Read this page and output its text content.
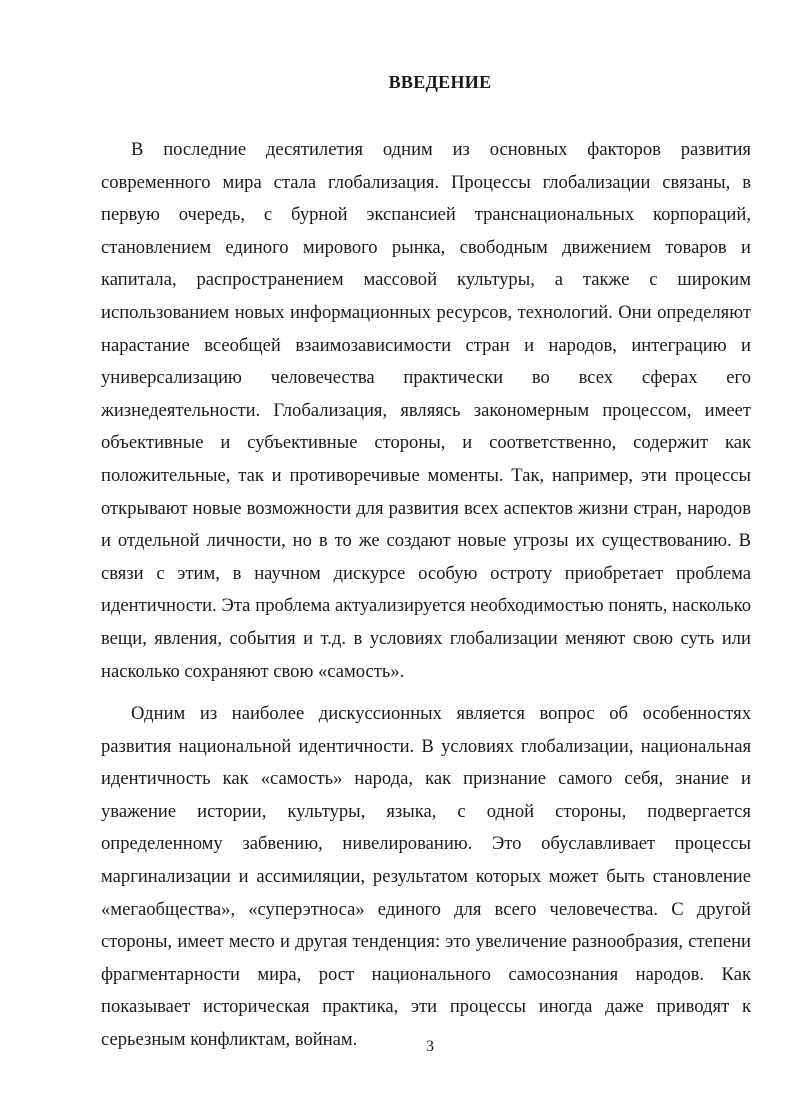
ВВЕДЕНИЕ

В последние десятилетия одним из основных факторов развития современного мира стала глобализация. Процессы глобализации связаны, в первую очередь, с бурной экспансией транснациональных корпораций, становлением единого мирового рынка, свободным движением товаров и капитала, распространением массовой культуры, а также с широким использованием новых информационных ресурсов, технологий. Они определяют нарастание всеобщей взаимозависимости стран и народов, интеграцию и универсализацию человечества практически во всех сферах его жизнедеятельности. Глобализация, являясь закономерным процессом, имеет объективные и субъективные стороны, и соответственно, содержит как положительные, так и противоречивые моменты. Так, например, эти процессы открывают новые возможности для развития всех аспектов жизни стран, народов и отдельной личности, но в то же создают новые угрозы их существованию. В связи с этим, в научном дискурсе особую остроту приобретает проблема идентичности. Эта проблема актуализируется необходимостью понять, насколько вещи, явления, события и т.д. в условиях глобализации меняют свою суть или насколько сохраняют свою «самость».

Одним из наиболее дискуссионных является вопрос об особенностях развития национальной идентичности. В условиях глобализации, национальная идентичность как «самость» народа, как признание самого себя, знание и уважение истории, культуры, языка, с одной стороны, подвергается определенному забвению, нивелированию. Это обуславливает процессы маргинализации и ассимиляции, результатом которых может быть становление «мегаобщества», «суперэтноса» единого для всего человечества. С другой стороны, имеет место и другая тенденция: это увеличение разнообразия, степени фрагментарности мира, рост национального самосознания народов. Как показывает историческая практика, эти процессы иногда даже приводят к серьезным конфликтам, войнам.	3
